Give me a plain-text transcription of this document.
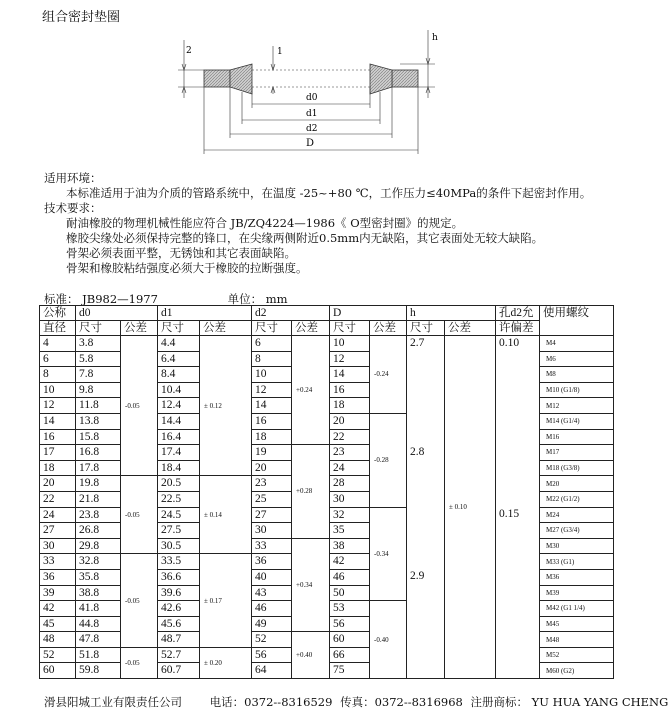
组合密封垫圈
2	1
h
d0
d1
d2
D
适用环境：
本标准适用于油为介质的管路系统中，在温度 -25~+80 ℃，工作压力≤40MPa的条件下起密封作用。
技术要求：
耐油橡胶的物理机械性能应符合 JB/ZQ4224—1986《 O型密封圈》的规定。
橡胶尖缘处必须保持完整的锋口，在尖缘两侧附近0.5mm内无缺陷，其它表面处无较大缺陷。
骨架必须表面平整，无锈蚀和其它表面缺陷。
骨架和橡胶粘结强度必须大于橡胶的拉断强度。
标准： JB982—1977	单位： mm
公称	d0		d1		d2		D		h		孔d2允	使用螺纹
直径	尺寸	公差	尺寸	公差	尺寸	公差	尺寸	公差	尺寸	公差	许偏差	
4	3.8	-0.05	4.4	± 0.12	6	+0.24	10	-0.24	2.7	± 0.10	0.10	M4
6	5.8		6.4		8		12					M6
8	7.8		8.4		10		14					M8
10	9.8		10.4		12		16					M10 (G1/8)
12	11.8		12.4		14		18					M12
14	13.8		14.4		16		20	-0.28				M14 (G1/4)
16	15.8		16.4		18		22					M16
17	16.8		17.4		19	+0.28	23		2.8			M17
18	17.8		18.4		20		24					M18 (G3/8)
20	19.8	-0.05	20.5	± 0.14	23		28					M20
22	21.8		22.5		25		30					M22 (G1/2)
24	23.8		24.5		27		32	-0.34			0.15	M24
27	26.8		27.5		30		35					M27 (G3/4)
30	29.8		30.5		33	+0.34	38					M30
33	32.8	-0.05	33.5	± 0.17	36		42					M33 (G1)
36	35.8		36.6		40		46		2.9			M36
39	38.8		39.6		43		50					M39
42	41.8		42.6		46		53	-0.40				M42 (G1 1/4)
45	44.8		45.6		49		56					M45
48	47.8		48.7		52	+0.40	60					M48
52	51.8	-0.05	52.7	± 0.20	56		66					M52
60	59.8		60.7		64		75					M60 (G2)
滑县阳城工业有限责任公司 电话：0372--8316529 传真：0372--8316968 注册商标： YU HUA YANG CHENG
